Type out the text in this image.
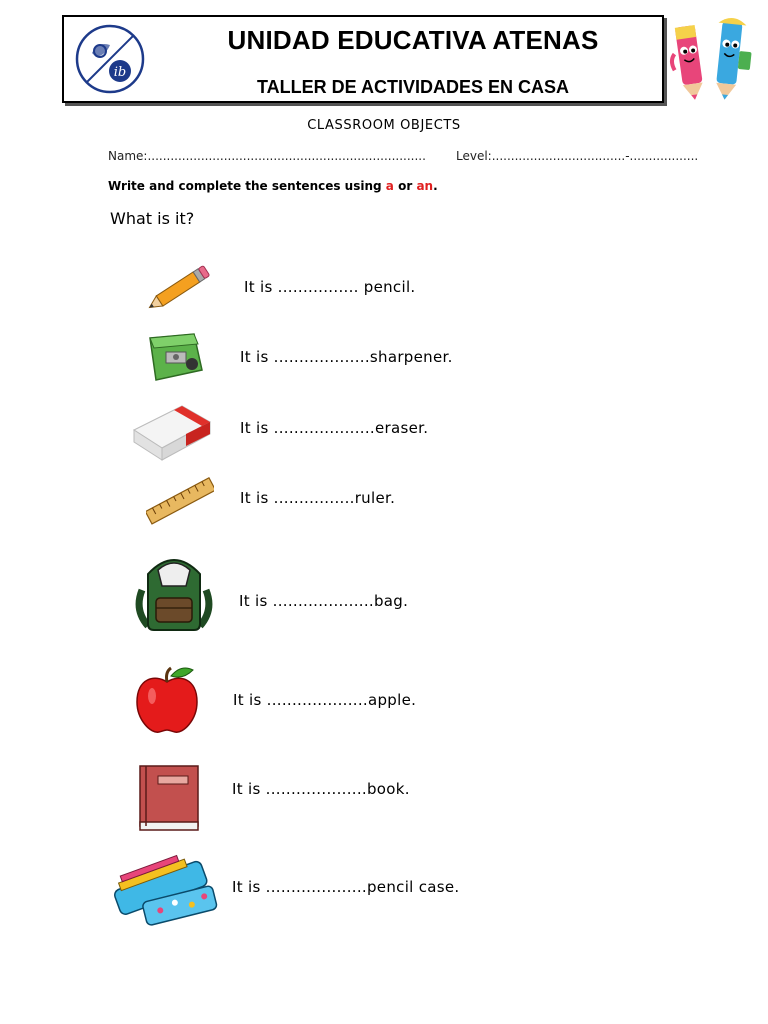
ib
UNIDAD EDUCATIVA ATENAS
TALLER DE ACTIVIDADES EN CASA
CLASSROOM OBJECTS
Name:.........................................................................	Level:...................................-..................
Write and complete the sentences using a or an.
What is it?
It is ................ pencil.
It is ...................sharpener.
It is ....................eraser.
It is ................ruler.
It is ....................bag.
It is ....................apple.
It is ....................book.
It is ....................pencil case.
